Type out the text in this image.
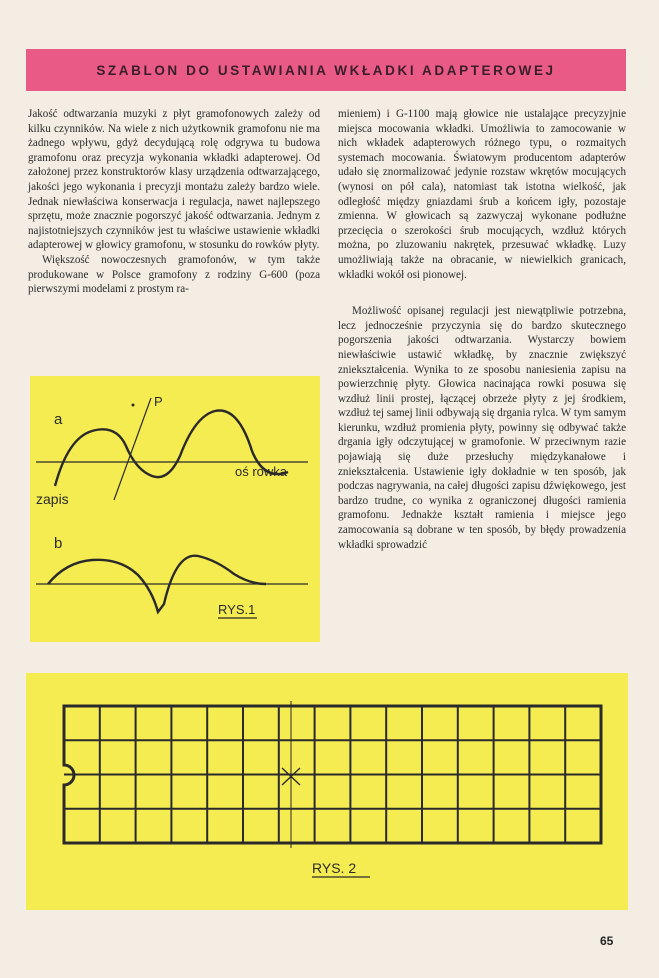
SZABLON DO USTAWIANIA WKŁADKI ADAPTEROWEJ

Jakość odtwarzania muzyki z płyt gramofonowych zależy od kilku czynników. Na wiele z nich użytkownik gramofonu nie ma żadnego wpływu, gdyż decydującą rolę odgrywa tu budowa gramofonu oraz precyzja wykonania wkładki adapterowej. Od założonej przez konstruktorów klasy urządzenia odtwarzającego, jakości jego wykonania i precyzji montażu zależy bardzo wiele. Jednak niewłaściwa konserwacja i regulacja, nawet najlepszego sprzętu, może znacznie pogorszyć jakość odtwarzania. Jednym z najistotniejszych czynników jest tu właściwe ustawienie wkładki adapterowej w głowicy gramofonu, w stosunku do rowków płyty.

Większość nowoczesnych gramofonów, w tym także produkowane w Polsce gramofony z rodziny G-600 (poza pierwszymi modelami z prostym ra-

mieniem) i G-1100 mają głowice nie ustalające precyzyjnie miejsca mocowania wkładki. Umożliwia to zamocowanie w nich wkładek adapterowych różnego typu, o rozmaitych systemach mocowania. Światowym producentom adapterów udało się znormalizować jedynie rozstaw wkrętów mocujących (wynosi on pół cala), natomiast tak istotna wielkość, jak odległość między gniazdami śrub a końcem igły, pozostaje zmienna. W głowicach są zazwyczaj wykonane podłużne przecięcia o szerokości śrub mocujących, wzdłuż których można, po zluzowaniu nakrętek, przesuwać wkładkę. Luzy umożliwiają także na obracanie, w niewielkich granicach, wkładki wokół osi pionowej.

Możliwość opisanej regulacji jest niewątpliwie potrzebna, lecz jednocześnie przyczynia się do bardzo skutecznego pogorszenia jakości odtwarzania. Wystarczy bowiem niewłaściwie ustawić wkładkę, by znacznie zwiększyć zniekształcenia. Wynika to ze sposobu naniesienia zapisu na powierzchnię płyty. Głowica nacinająca rowki posuwa się wzdłuż linii prostej, łączącej obrzeże płyty z jej środkiem, wzdłuż tej samej linii odbywają się drgania rylca. W tym samym kierunku, wzdłuż promienia płyty, powinny się odbywać także drgania igły odczytującej w gramofonie. W przeciwnym razie pojawiają się duże przesłuchy międzykanałowe i zniekształcenia. Ustawienie igły dokładnie w ten sposób, jak podczas nagrywania, na całej długości zapisu dźwiękowego, jest bardzo trudne, co wynika z ograniczonej długości ramienia gramofonu. Jednakże kształt ramienia i miejsce jego zamocowania są dobrane w ten sposób, by błędy prowadzenia wkładki sprowadzić

a
P
oś rowka
zapis
b
RYS.1
RYS. 2
65
